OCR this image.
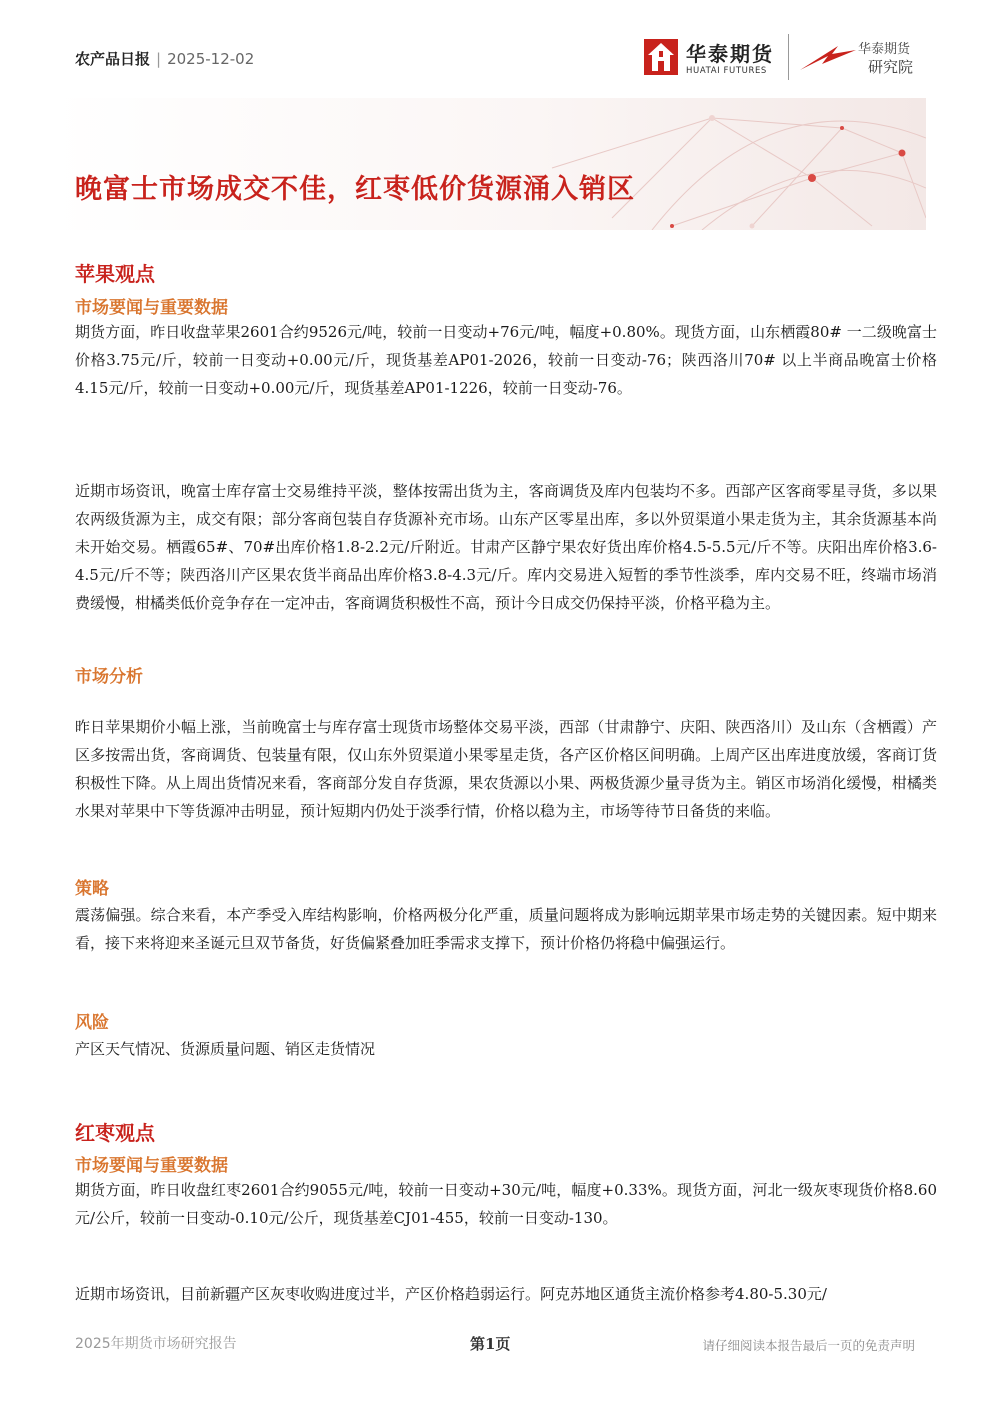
农产品日报 | 2025-12-02	华泰期货
HUATAI FUTURES
华泰期货
研究院
晚富士市场成交不佳，红枣低价货源涌入销区
苹果观点
市场要闻与重要数据

期货方面，昨日收盘苹果2601合约9526元/吨，较前一日变动+76元/吨，幅度+0.80%。现货方面，山东栖霞80# 一二级晚富士价格3.75元/斤，较前一日变动+0.00元/斤，现货基差AP01-2026，较前一日变动-76；陕西洛川70# 以上半商品晚富士价格4.15元/斤，较前一日变动+0.00元/斤，现货基差AP01-1226，较前一日变动-76。

近期市场资讯，晚富士库存富士交易维持平淡，整体按需出货为主，客商调货及库内包装均不多。西部产区客商零星寻货，多以果农两级货源为主，成交有限；部分客商包装自存货源补充市场。山东产区零星出库，多以外贸渠道小果走货为主，其余货源基本尚未开始交易。栖霞65#、70#出库价格1.8-2.2元/斤附近。甘肃产区静宁果农好货出库价格4.5-5.5元/斤不等。庆阳出库价格3.6-4.5元/斤不等；陕西洛川产区果农货半商品出库价格3.8-4.3元/斤。库内交易进入短暂的季节性淡季，库内交易不旺，终端市场消费缓慢，柑橘类低价竞争存在一定冲击，客商调货积极性不高，预计今日成交仍保持平淡，价格平稳为主。

市场分析

昨日苹果期价小幅上涨，当前晚富士与库存富士现货市场整体交易平淡，西部（甘肃静宁、庆阳、陕西洛川）及山东（含栖霞）产区多按需出货，客商调货、包装量有限，仅山东外贸渠道小果零星走货，各产区价格区间明确。上周产区出库进度放缓，客商订货积极性下降。从上周出货情况来看，客商部分发自存货源，果农货源以小果、两极货源少量寻货为主。销区市场消化缓慢，柑橘类水果对苹果中下等货源冲击明显，预计短期内仍处于淡季行情，价格以稳为主，市场等待节日备货的来临。

策略

震荡偏强。综合来看，本产季受入库结构影响，价格两极分化严重，质量问题将成为影响远期苹果市场走势的关键因素。短中期来看，接下来将迎来圣诞元旦双节备货，好货偏紧叠加旺季需求支撑下，预计价格仍将稳中偏强运行。

风险

产区天气情况、货源质量问题、销区走货情况

红枣观点
市场要闻与重要数据

期货方面，昨日收盘红枣2601合约9055元/吨，较前一日变动+30元/吨，幅度+0.33%。现货方面，河北一级灰枣现货价格8.60元/公斤，较前一日变动-0.10元/公斤，现货基差CJ01-455，较前一日变动-130。

近期市场资讯，目前新疆产区灰枣收购进度过半，产区价格趋弱运行。阿克苏地区通货主流价格参考4.80-5.30元/

2025年期货市场研究报告	第1页	请仔细阅读本报告最后一页的免责声明
